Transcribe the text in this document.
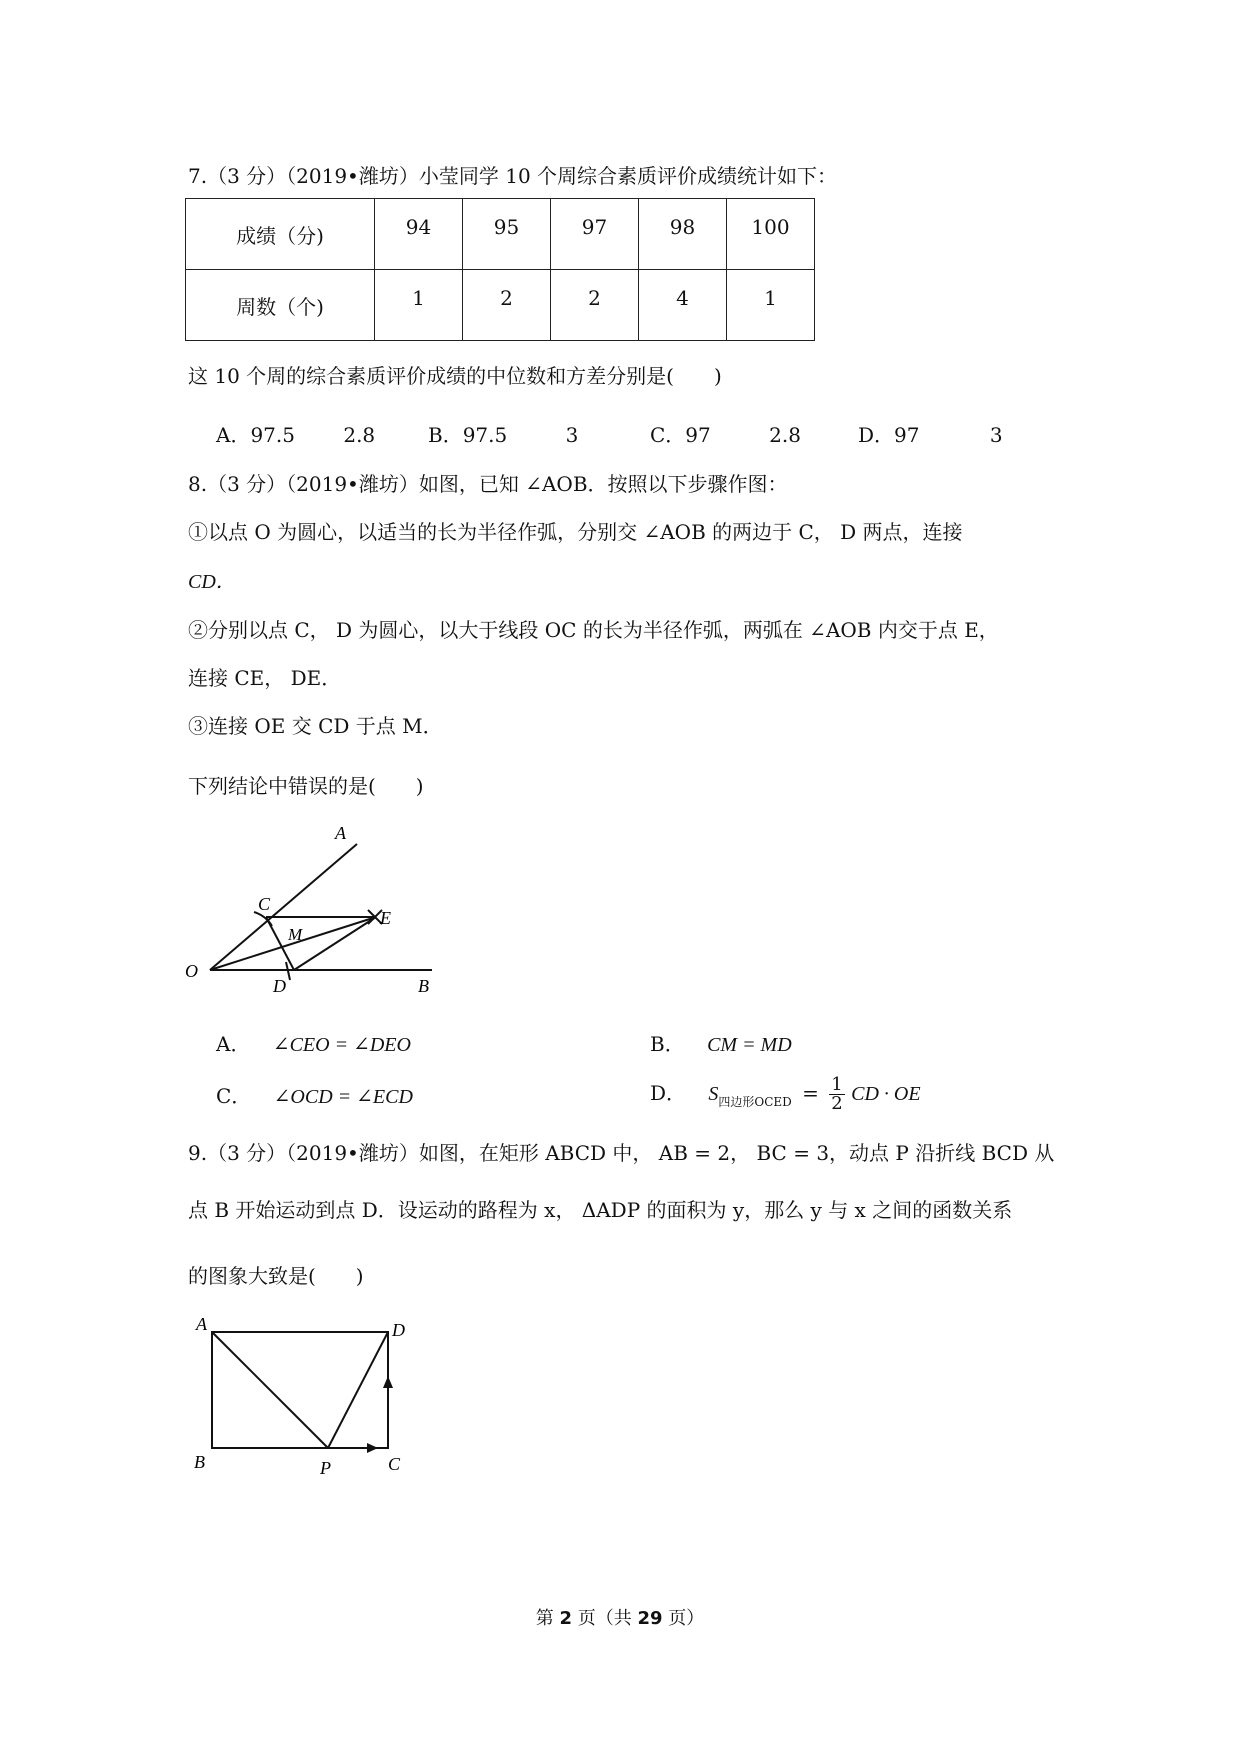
7.（3 分）（2019•潍坊）小莹同学 10 个周综合素质评价成绩统计如下：
成绩（分)	94	95	97	98	100
周数（个)	1	2	2	4	1
这 10 个周的综合素质评价成绩的中位数和方差分别是(　　)
A．97.5 2.8	B．97.5	3	C．97	2.8	D．97	3
8.（3 分）（2019•潍坊）如图，已知 ∠AOB．按照以下步骤作图：
①以点 O 为圆心，以适当的长为半径作弧，分别交 ∠AOB 的两边于 C， D 两点，连接
CD．
②分别以点 C， D 为圆心，以大于线段 OC 的长为半径作弧，两弧在 ∠AOB 内交于点 E，
连接 CE， DE．
③连接 OE 交 CD 于点 M．
下列结论中错误的是(　　)
A
C
E
M
O
D	B
A． ∠CEO = ∠DEO	B． CM = MD
C． ∠OCD = ∠ECD	D． $S_{四边形OCED} = \frac{1}{2}$ CD · OE
9.（3 分）（2019•潍坊）如图，在矩形 ABCD 中， AB = 2， BC = 3，动点 P 沿折线 BCD 从
点 B 开始运动到点 D．设运动的路程为 x， ΔADP 的面积为 y，那么 y 与 x 之间的函数关系
的图象大致是(　　)
A	D
B	P	C
第 2 页（共 29 页）
